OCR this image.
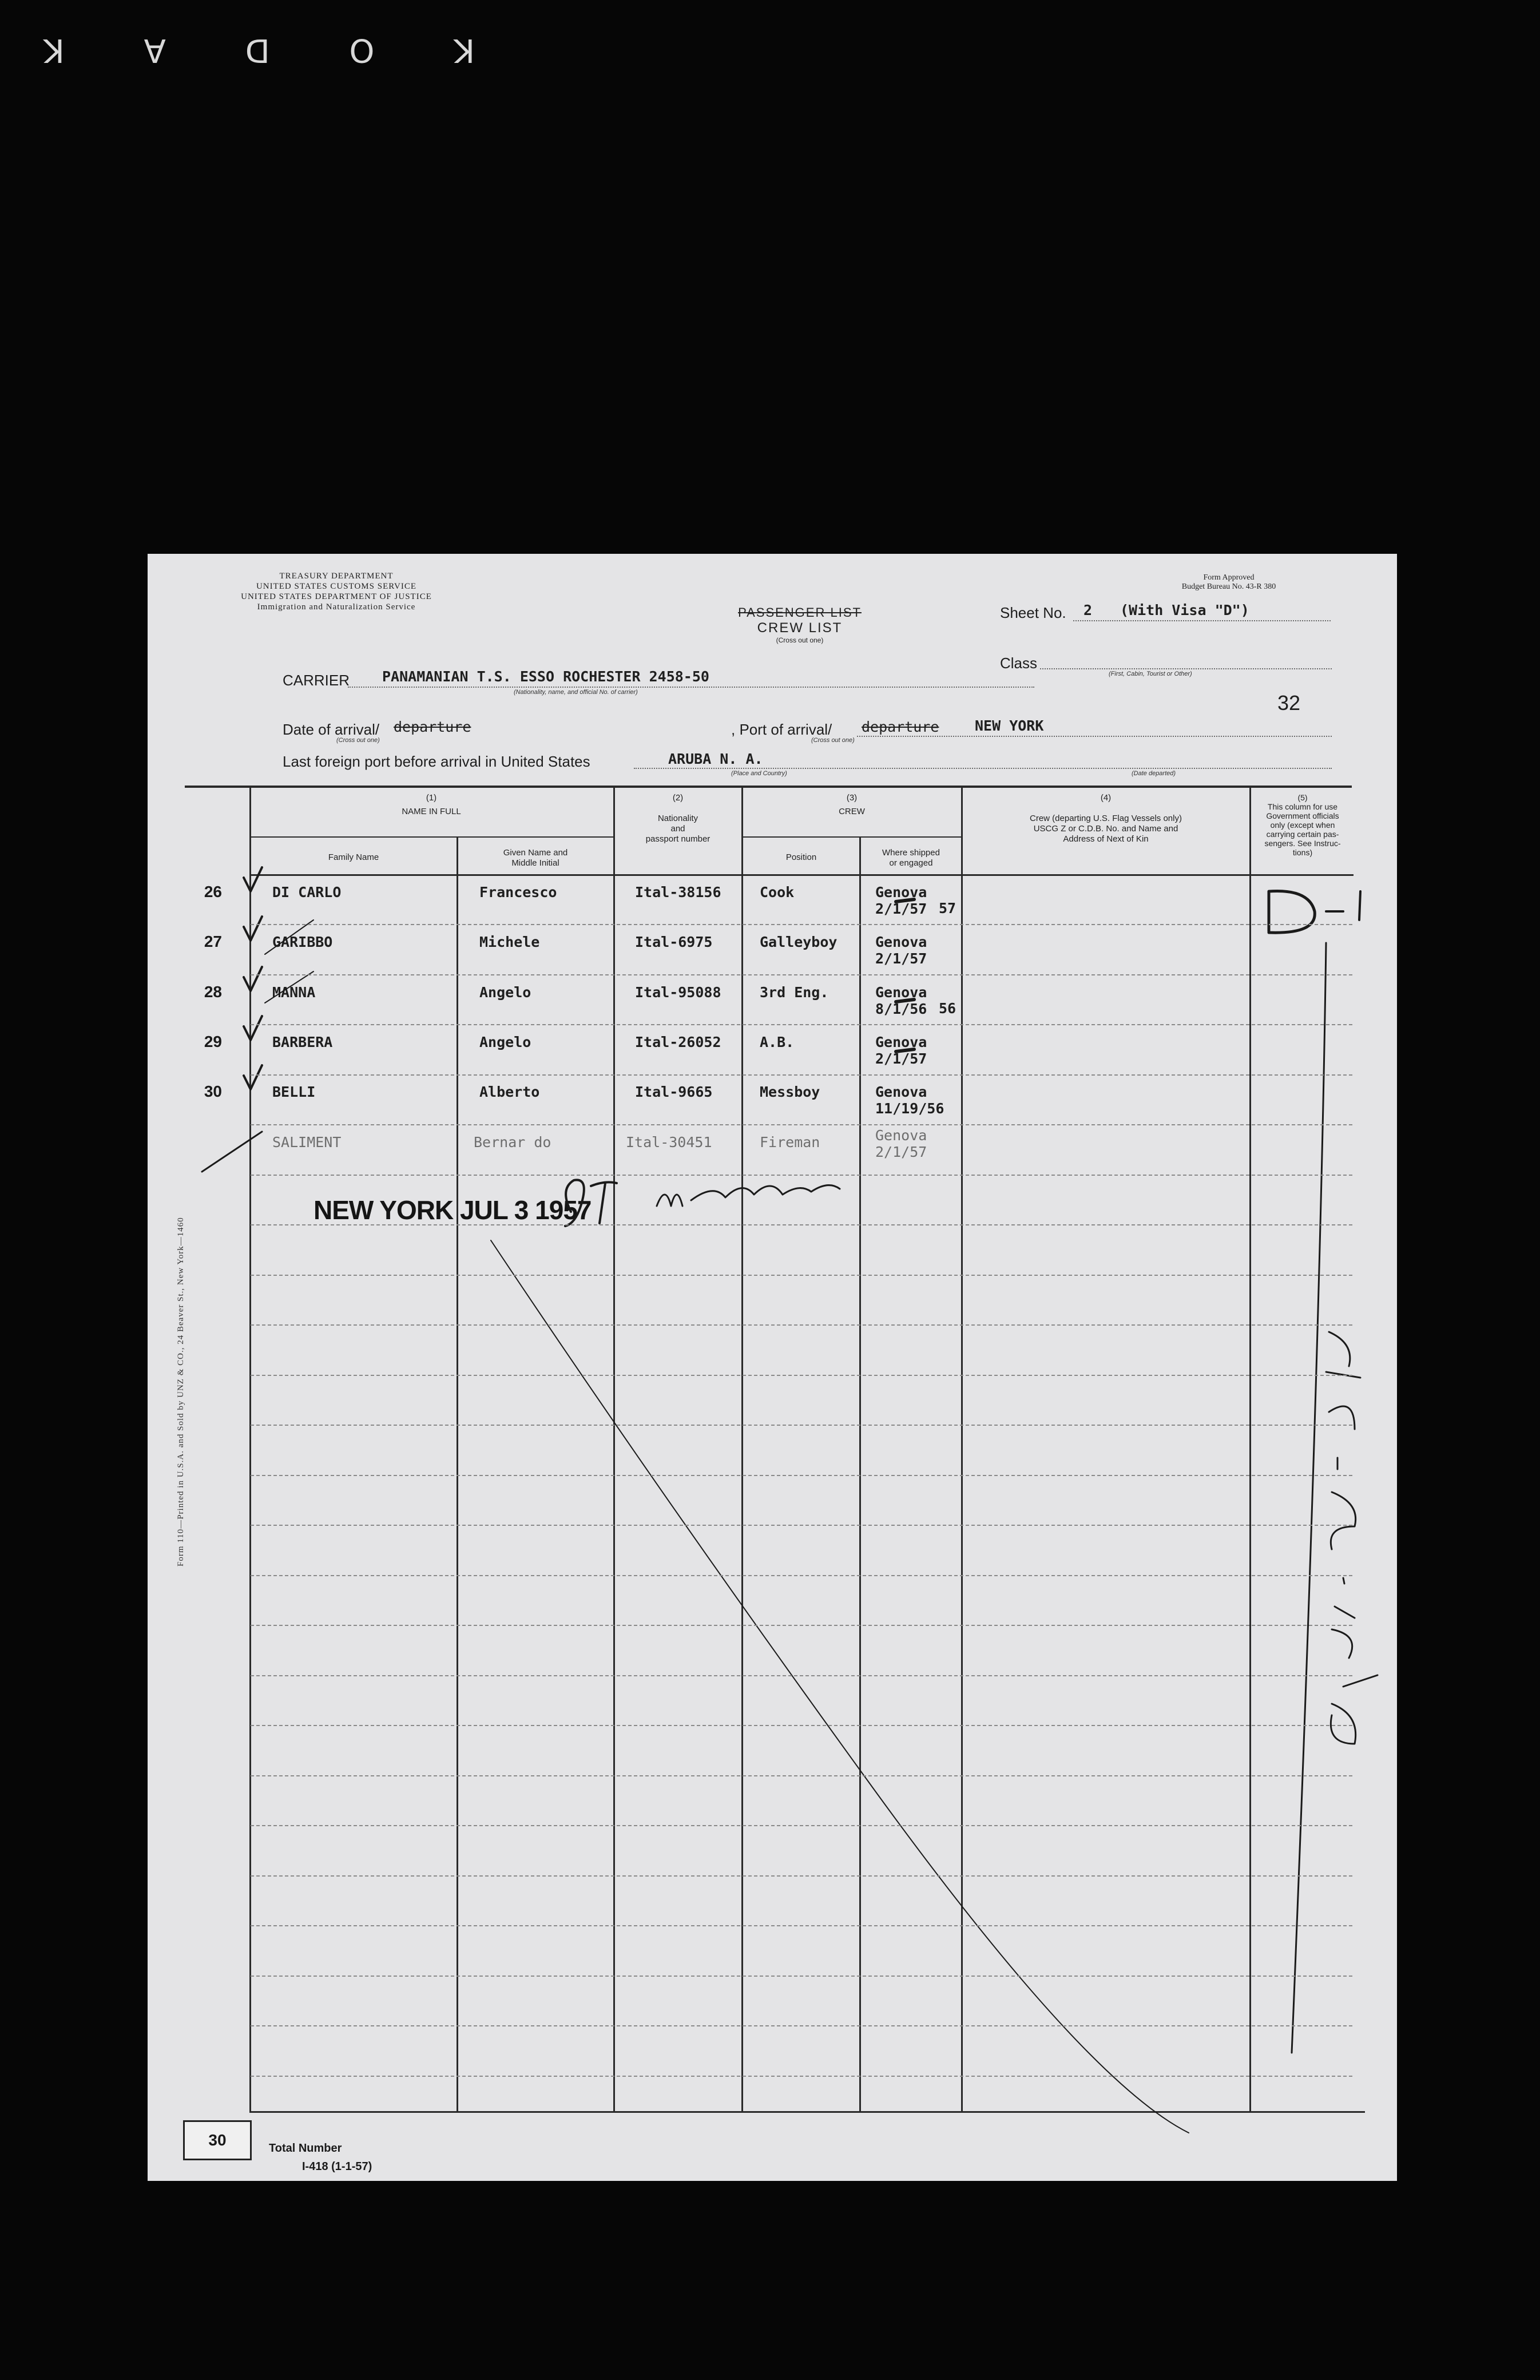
K
O
D
A
K
TREASURY DEPARTMENT
UNITED STATES CUSTOMS SERVICE
UNITED STATES DEPARTMENT OF JUSTICE
Immigration and Naturalization Service
Form Approved
Budget Bureau No. 43-R 380
PASSENGER LIST
CREW LIST
(Cross out one)
Sheet No. 2 (With Visa "D")
Class
(First, Cabin, Tourist or Other)
32
CARRIER PANAMANIAN T.S. ESSO ROCHESTER 2458-50
(Nationality, name, and official No. of carrier)
Date of arrival/ departure
(Cross out one)
, Port of arrival/ departure	NEW YORK
(Cross out one)
Last foreign port before arrival in United States	ARUBA N. A.
(Place and Country)	(Date departed)
(1)
NAME IN FULL
Family Name	Given Name and
Middle Initial
(2)
Nationality
and
passport number
(3)
CREW
Position	Where shipped
or engaged
(4)
Crew (departing U.S. Flag Vessels only)
USCG Z or C.D.B. No. and Name and
Address of Next of Kin
(5)
This column for use
Government officials
only (except when
carrying certain pas-
sengers. See Instruc-
tions)
26	DI CARLO	Francesco	Ital-38156	Cook	Genova
2/1/57
27	GARIBBO	Michele	Ital-6975	Galleyboy	Genova
2/1/57
28	MANNA	Angelo	Ital-95088	3rd Eng.	Genova
8/1/56
29	BARBERA	Angelo	Ital-26052	A.B.	Genova
2/1/57
30	BELLI	Alberto	Ital-9665	Messboy	Genova
11/19/56
SALIMENT	Bernar do	Ital-30451	Fireman	Genova
2/1/57
NEW YORK JUL 3 1957
Form 110—Printed in U.S.A. and Sold by UNZ & CO., 24 Beaver St., New York—1460
30	Total Number
I-418 (1-1-57)
57
56
